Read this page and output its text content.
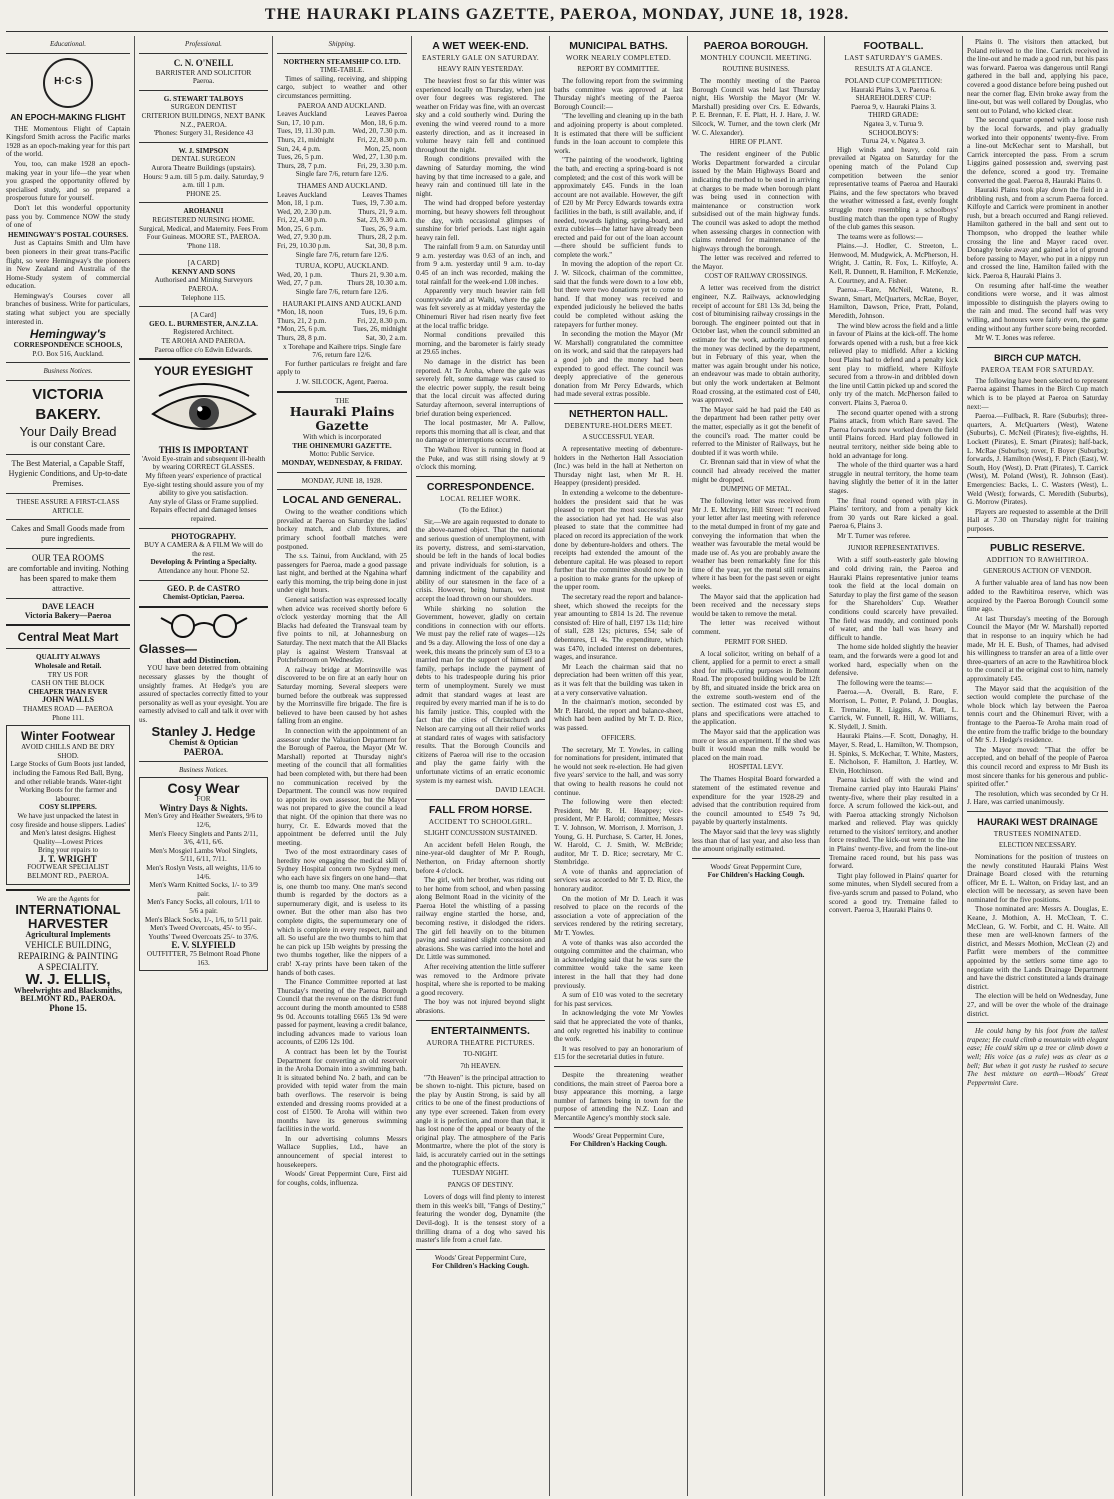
THE HAURAKI PLAINS GAZETTE, PAEROA, MONDAY, JUNE 18, 1928.
Educational.
H·C·S
AN EPOCH-MAKING FLIGHT

THE Momentous Flight of Captain Kingsford Smith across the Pacific marks 1928 as an epoch-making year for this part of the world.

You, too, can make 1928 an epoch-making year in your life—the year when you grasped the opportunity offered by specialised study, and so prepared a prosperous future for yourself.

Don't let this wonderful opportunity pass you by. Commence NOW the study of one of

HEMINGWAY'S POSTAL COURSES.

Just as Captains Smith and Ulm have been pioneers in their great trans-Pacific flight, so were Hemingway's the pioneers in New Zealand and Australia of the Home-Study system of commercial education.

Hemingway's Courses cover all branches of business. Write for particulars, stating what subject you are specially interested in.

Hemingway's
CORRESPONDENCE SCHOOLS,
P.O. Box 516, Auckland.
Business Notices.
VICTORIA BAKERY.
Your Daily Bread
is our constant Care.
The Best Material, a Capable Staff, Hygienic Conditions, and Up-to-date Premises.
THESE ASSURE A FIRST-CLASS ARTICLE.
Cakes and Small Goods made from pure ingredients.
OUR TEA ROOMS
are comfortable and inviting. Nothing has been spared to make them attractive.
DAVE LEACH
Victoria Bakery—Paeroa
Central Meat Mart
QUALITY ALWAYS
Wholesale and Retail.
TRY US FOR
CASH ON THE BLOCK
CHEAPER THAN EVER
JOHN WALLS
THAMES ROAD — PAEROA
Phone 111.
Winter Footwear
AVOID CHILLS AND BE DRY SHOD.
Large Stocks of Gum Boots just landed, including the Famous Red Ball, Byng, and other reliable brands. Water-tight Working Boots for the farmer and labourer.
COSY SLIPPERS.
We have just unpacked the latest in cosy fireside and house slippers. Ladies' and Men's latest designs. Highest Quality—Lowest Prices
Bring your repairs to
J. T. WRIGHT
FOOTWEAR SPECIALIST BELMONT RD., PAEROA.
We are the Agents for
INTERNATIONAL
HARVESTER
Agricultural Implements
VEHICLE BUILDING, REPAIRING & PAINTING
A SPECIALITY.
W. J. ELLIS,
Wheelwrights and Blacksmiths,
BELMONT RD., PAEROA.
Phone 15.
Professional.
C. N. O'NEILL
BARRISTER AND SOLICITOR
Paeroa.
G. STEWART TALBOYS
SURGEON DENTIST
CRITERION BUILDINGS, NEXT BANK N.Z., PAEROA.
'Phones: Surgery 31, Residence 43
W. J. SIMPSON
DENTAL SURGEON
Aurora Theatre Buildings (upstairs).
Hours: 9 a.m. till 5 p.m. daily. Saturday, 9 a.m. till 1 p.m.
PHONE 25.
AROHANUI
REGISTERED NURSING HOME.
Surgical, Medical, and Maternity. Fees From Four Guineas. MOORE ST., PAEROA. 'Phone 118.
[A CARD]
KENNY AND SONS
Authorised and Mining Surveyors PAEROA.
Telephone 115.
[A Card]
GEO. L. BURMESTER, A.N.Z.I.A.
Registered Architect.
TE AROHA AND PAEROA.
Paeroa office c/o Edwin Edwards.
YOUR EYESIGHT
THIS IS IMPORTANT
'Avoid Eye-strain and subsequent ill-health by wearing CORRECT GLASSES.
My fifteen years' experience of practical Eye-sight testing should assure you of my ability to give you satisfaction.
Any style of Glass or Frame supplied.
Repairs effected and damaged lenses repaired.
PHOTOGRAPHY.
BUY A CAMERA & A FILM We will do the rest.
Developing & Printing a Specialty.
Attendance any hour. Phone 52.
GEO. P. de CASTRO
Chemist-Optician, Paeroa.
Glasses—
that add Distinction.

YOU have been deterred from obtaining necessary glasses by the thought of unsightly frames. At Hedge's you are assured of spectacles correctly fitted to your personality as well as your eyesight. You are earnestly advised to call and talk it over with us.

Stanley J. Hedge
Chemist & Optician
PAEROA.
Business Notices.
Cosy Wear
FOR
Wintry Days & Nights.
Men's Grey and Heather Sweaters, 9/6 to 12/6,
Men's Fleecy Singlets and Pants 2/11, 3/6, 4/11, 6/6.
Men's Mosgiel Lambs Wool Singlets, 5/11, 6/11, 7/11.
Men's Roslyn Vests, all weights, 11/6 to 14/6.
Men's Warm Knitted Socks, 1/- to 3/9 pair.
Men's Fancy Socks, all colours, 1/11 to 5/6 a pair.
Men's Black Socks, 1/-, 1/6, to 5/11 pair.
Men's Tweed Overcoats, 45/- to 95/-.
Youths' Tweed Overcoats 25/- to 37/6.
E. V. SLYFIELD
OUTFITTER, 75 Belmont Road Phone 163.
Shipping.
NORTHERN STEAMSHIP CO. LTD.
TIME-TABLE.

Times of sailing, receiving, and shipping cargo, subject to weather and other circumstances permitting.

PAEROA AND AUCKLAND.
Leaves Auckland	Leaves Paeroa
Sun, 17, 10 p.m.	Mon, 18, 6 p.m.
Tues, 19, 11.30 p.m. Wed, 20, 7.30 p.m.
Thurs, 21, midnight	Fri, 22, 8.30 p.m.
Sun, 24, 4 p.m.	Mon, 25, noon
Tues, 26, 5 p.m.	Wed, 27, 1.30 p.m.
Thurs, 28, 7 p.m.	Fri, 29, 3.30 p.m.
Single fare 7/6, return fare 12/6.
THAMES AND AUCKLAND.
Leaves Auckland	Leaves Thames
Mon, 18, 1 p.m.	Tues, 19, 7.30 a.m.
Wed, 20, 2.30 p.m.	Thurs, 21, 9 a.m.
Fri, 22, 4.30 p.m.	Sat, 23, 9.30 a.m.
Mon, 25, 6 p.m.	Tues, 26, 9 a.m.
Wed, 27, 9.30 p.m.	Thurs, 28, 2 p.m.
Fri, 29, 10.30 p.m.	Sat, 30, 8 p.m.
Single fare 7/6, return fare 12/6.
TURUA, KOPU, AUCKLAND.
Wed, 20, 1 p.m.	Thurs 21, 9.30 a.m.
Wed, 27, 7 p.m.	Thurs 28, 10.30 a.m.
Single fare 7/6, return fare 12/6.
HAURAKI PLAINS AND AUCKLAND
*Mon, 18, noon	Tues, 19, 6 p.m.
Thurs, 21, 2 p.m.	Fri, 22, 8.30 p.m.
*Mon, 25, 6 p.m.	Tues, 26, midnight
Thurs, 28, 8 p.m.	Sat, 30, 2 a.m.
x Torehape and Kaihere trips. Single fare 7/6, return fare 12/6.

For further particulars re freight and fare apply to

J. W. SILCOCK, Agent, Paeroa.
THE
Hauraki Plains Gazette
With which is incorporated
THE OHINEMURI GAZETTE.
Motto: Public Service.
MONDAY, WEDNESDAY, & FRIDAY.
MONDAY, JUNE 18, 1928.
LOCAL AND GENERAL.

Owing to the weather conditions which prevailed at Paeroa on Saturday the ladies' hockey match, and club fixtures, and primary school football matches were postponed.

The s.s. Tainui, from Auckland, with 25 passengers for Paeroa, made a good passage last night, and berthed at the Ngahina wharf early this morning, the trip being done in just under eight hours.

General satisfaction was expressed locally when advice was received shortly before 6 o'clock yesterday morning that the All Blacks had defeated the Transvaal team by five points to nil, at Johannesburg on Saturday. The next match that the All Blacks play is against Western Transvaal at Potchefstroom on Wednesday.

A railway bridge at Morrinsville was discovered to be on fire at an early hour on Saturday morning. Several sleepers were burned before the outbreak was suppressed by the Morrinsville fire brigade. The fire is believed to have been caused by hot ashes falling from an engine.

In connection with the appointment of an assessor under the Valuation Department for the Borough of Paeroa, the Mayor (Mr W. Marshall) reported at Thursday night's meeting of the council that all formalities had been completed with, but there had been no communication received by the Department. The council was now required to appoint its own assessor, but the Mayor was not prepared to give the council a lead that night. Of the opinion that there was no hurry, Cr. E. Edwards moved that the appointment be deferred until the July meeting.

Two of the most extraordinary cases of heredity now engaging the medical skill of Sydney Hospital concern two Sydney men, who each have six fingers on one hand—that is, one thumb too many. One man's second thumb is regarded by the doctors as a supernumerary digit, and is useless to its owner. But the other man also has two complete digits, the supernumerary one of which is complete in every respect, nail and all. So useful are the two thumbs to him that he can pick up 15lb weights by pressing the two thumbs together, like the nippers of a crab! X-ray prints have been taken of the hands of both cases.

The Finance Committee reported at last Thursday's meeting of the Paeroa Borough Council that the revenue on the district fund account during the month amounted to £588 9s 0d. Accounts totalling £665 13s 9d were passed for payment, leaving a credit balance, including advances made to various loan accounts, of £206 12s 10d.

A contract has been let by the Tourist Department for converting an old reservoir in the Aroha Domain into a swimming bath. It is situated behind No. 2 bath, and can be provided with tepid water from the main bath overflows. The reservoir is being extended and dressing rooms provided at a cost of £1500. Te Aroha will within two months have its generous swimming facilities in the world.

In our advertising columns Messrs Wallace Supplies, Ltd., have an announcement of special interest to housekeepers.

Woods' Great Peppermint Cure, First aid for coughs, colds, influenza.

A WET WEEK-END.
EASTERLY GALE ON SATURDAY.
HEAVY RAIN YESTERDAY.

The heaviest frost so far this winter was experienced locally on Thursday, when just over four degrees was registered. The weather on Friday was fine, with an overcast sky and a cold southerly wind. During the evening the wind veered round to a more easterly direction, and as it increased in volume heavy rain fell and continued throughout the night.

Rough conditions prevailed with the dawning of Saturday morning, the wind having by that time increased to a gale, and heavy rain and continued till late in the night.

The wind had dropped before yesterday morning, but heavy showers fell throughout the day, with occasional glimpses of sunshine for brief periods. Last night again heavy rain fell.

The rainfall from 9 a.m. on Saturday until 9 a.m. yesterday was 0.63 of an inch, and from 9 a.m. yesterday until 9 a.m. to-day 0.45 of an inch was recorded, making the total rainfall for the week-end 1.08 inches.

Apparently very much heavier rain fell countrywide and at Waihi, where the gale was felt severely as at midday yesterday the Ohinemuri River had risen nearly five feet at the local traffic bridge.

Normal conditions prevailed this morning, and the barometer is fairly steady at 29.65 inches.

No damage in the district has been reported. At Te Aroha, where the gale was severely felt, some damage was caused to the electric power supply, the result being that the local circuit was affected during Saturday afternoon, several interruptions of brief duration being experienced.

The local postmaster, Mr A. Pallow, reports this morning that all is clear, and that no damage or interruptions occurred.

The Waihou River is running in flood at the Puke, and was still rising slowly at 9 o'clock this morning.

CORRESPONDENCE.
LOCAL RELIEF WORK.
(To the Editor.)

Sir,—We are again requested to donate to the above-named object. That the national and serious question of unemployment, with its poverty, distress, and semi-starvation, should be left in the hands of local bodies and private individuals for solution, is a damning indictment of the capability and ability of our statesmen in the face of a crisis. However, being human, we must accept the load thrown on our shoulders.

While shirking no solution the Government, however, gladly on certain conditions in connection with our efforts. We must pay the relief rate of wages—12s and 9s a day. Allowing the loss of one day a week, this means the princely sum of £3 to a married man for the support of himself and family, perhaps include the payment of debts to his tradespeople during his prior term of unemployment. Surely we must admit that standard wages at least are required by every married man if he is to do his family justice. This, coupled with the fact that the cities of Christchurch and Nelson are carrying out all their relief works at standard rates of wages with satisfactory results. That the Borough Councils and citizens of Paeroa will rise to the occasion and play the game fairly with the unfortunate victims of an erratic economic system is my earnest wish.

DAVID LEACH.
FALL FROM HORSE.
ACCIDENT TO SCHOOLGIRL.
SLIGHT CONCUSSION SUSTAINED.

An accident befell Helen Rough, the nine-year-old daughter of Mr P. Rough, Netherton, on Friday afternoon shortly before 4 o'clock.

The girl, with her brother, was riding out to her home from school, and when passing along Belmont Road in the vicinity of the Paeroa Hotel the whistling of a passing railway engine startled the horse, and, becoming restive, it dislodged the riders. The girl fell heavily on to the bitumen paving and sustained slight concussion and abrasions. She was carried into the hotel and Dr. Little was summoned.

After receiving attention the little sufferer was removed to the Ardmore private hospital, where she is reported to be making a good recovery.

The boy was not injured beyond slight abrasions.

ENTERTAINMENTS.
AURORA THEATRE PICTURES.
TO-NIGHT.
7th HEAVEN.

"7th Heaven" is the principal attraction to be shown to-night. This picture, based on the play by Austin Strong, is said by all critics to be one of the finest productions of any type ever screened. Taken from every angle it is perfection, and more than that, it has lost none of the appeal or beauty of the original play. The atmosphere of the Paris Montmartre, where the plot of the story is laid, is accurately carried out in the settings and the photographic effects.

TUESDAY NIGHT.
PANGS OF DESTINY.

Lovers of dogs will find plenty to interest them in this week's bill, "Fangs of Destiny," featuring the wonder dog, Dynamite (the Devil-dog). It is the tensest story of a thrilling drama of a dog who saved his master's life from a cruel fate.

Woods' Great Peppermint Cure,
For Children's Hacking Cough.
MUNICIPAL BATHS.
WORK NEARLY COMPLETED.
REPORT BY COMMITTEE.

The following report from the swimming baths committee was approved at last Thursday night's meeting of the Paeroa Borough Council:—

"The levelling and cleaning up in the bath and adjoining property is about completed. It is estimated that there will be sufficient funds in the loan account to complete this work.

"The painting of the woodwork, lighting the bath, and erecting a spring-board is not completed; and the cost of this work will be approximately £45. Funds in the loan account are not available. However, the gift of £20 by Mr Percy Edwards towards extra facilities in the bath, is still available, and, if needed, towards lighting, spring-board, and extra cubicles—the latter have already been erected and paid for out of the loan account—there should be sufficient funds to complete the work."

In moving the adoption of the report Cr. J. W. Silcock, chairman of the committee, said that the funds were down to a low ebb, but there were two donations yet to come to hand. If that money was received and expended judiciously he believed the baths could be completed without asking the ratepayers for further money.

In seconding the motion the Mayor (Mr W. Marshall) congratulated the committee on its work, and said that the ratepayers had a good job and the money had been expended to good effect. The council was deeply appreciative of the generous donation from Mr Percy Edwards, which had made several extras possible.

NETHERTON HALL.
DEBENTURE-HOLDERS MEET.
A SUCCESSFUL YEAR.

A representative meeting of debenture-holders in the Netherton Hall Association (Inc.) was held in the hall at Netherton on Thursday night last, when Mr R. H. Heappey (president) presided.

In extending a welcome to the debenture-holders the president said that he was pleased to report the most successful year the association had yet had. He was also pleased to state that the committee had placed on record its appreciation of the work done by debenture-holders and others. The receipts had extended the amount of the debenture capital. He was pleased to report further that the committee should now be in a position to make grants for the upkeep of the upper room.

The secretary read the report and balance-sheet, which showed the receipts for the year amounting to £814 1s 2d. The revenue consisted of: Hire of hall, £197 13s 11d; hire of stall, £28 12s; pictures, £54; sale of debentures, £1 4s. The expenditure, which was £470, included interest on debentures, wages, and insurance.

Mr Leach the chairman said that no depreciation had been written off this year, as it was felt that the building was taken in at a very conservative valuation.

In the chairman's motion, seconded by Mr P. Harold, the report and balance-sheet, which had been audited by Mr T. D. Rice, was passed.

OFFICERS.

The secretary, Mr T. Yowles, in calling for nominations for president, intimated that he would not seek re-election. He had given five years' service to the hall, and was sorry that owing to health reasons he could not continue.

The following were then elected: President, Mr R. H. Heappey; vice-president, Mr P. Harold; committee, Messrs T. V. Johnson, W. Morrison, J. Morrison, J. Young, G. H. Purchase, S. Carter, H. Jones, W. Harold, C. J. Smith, W. McBride; auditor, Mr T. D. Rice; secretary, Mr C. Stembridge.

A vote of thanks and appreciation of services was accorded to Mr T. D. Rice, the honorary auditor.

On the motion of Mr D. Leach it was resolved to place on the records of the association a vote of appreciation of the services rendered by the retiring secretary, Mr T. Yowles.

A vote of thanks was also accorded the outgoing committee and the chairman, who in acknowledging said that he was sure the committee would take the same keen interest in the hall that they had done previously.

A sum of £10 was voted to the secretary for his past services.

In acknowledging the vote Mr Yowles said that he appreciated the vote of thanks, and only regretted his inability to continue the work.

It was resolved to pay an honorarium of £15 for the secretarial duties in future.

Despite the threatening weather conditions, the main street of Paeroa bore a busy appearance this morning, a large number of farmers being in town for the purpose of attending the N.Z. Loan and Mercantile Agency's monthly stock sale.

Woods' Great Peppermint Cure,
For Children's Hacking Cough.
PAEROA BOROUGH.
MONTHLY COUNCIL MEETING.
ROUTINE BUSINESS.

The monthly meeting of the Paeroa Borough Council was held last Thursday night, His Worship the Mayor (Mr W. Marshall) presiding over Crs. E. Edwards, P. E. Brennan, F. E. Platt, H. J. Hare, J. W. Silcock, W. Turner, and the town clerk (Mr W. C. Alexander).

HIRE OF PLANT.

The resident engineer of the Public Works Department forwarded a circular issued by the Main Highways Board and indicating the method to be used in arriving at charges to be made when borough plant was being used in connection with maintenance or construction work subsidised out of the main highway funds. The council was asked to adopt the method when assessing charges in connection with claims rendered for maintenance of the highways through the borough.

The letter was received and referred to the Mayor.

COST OF RAILWAY CROSSINGS.

A letter was received from the district engineer, N.Z. Railways, acknowledging receipt of account for £81 13s 3d, being the cost of bituminising railway crossings in the borough. The engineer pointed out that in October last, when the council submitted an estimate for the work, authority to expend the money was declined by the department, but in February of this year, when the matter was again brought under his notice, an endeavour was made to obtain authority, but only the work undertaken at Belmont Road crossing, at the estimated cost of £40, was approved.

The Mayor said he had paid the £40 as the department had been rather petty over the matter, especially as it got the benefit of the council's road. The matter could be referred to the Minister of Railways, but he doubted if it was worth while.

Cr. Brennan said that in view of what the council had already received the matter might be dropped.

DUMPING OF METAL.

The following letter was received from Mr J. E. McIntyre, Hill Street: "I received your letter after last meeting with reference to the metal dumped in front of my gate and conveying the information that when the weather was favourable the metal would be made use of. As you are probably aware the weather has been remarkably fine for this time of the year, yet the metal still remains where it has been for the past seven or eight weeks.

The Mayor said that the application had been received and the necessary steps would be taken to remove the metal.

The letter was received without comment.

PERMIT FOR SHED.

A local solicitor, writing on behalf of a client, applied for a permit to erect a small shed for milk-curing purposes in Belmont Road. The proposed building would be 12ft by 8ft, and situated inside the brick area on the extreme south-western end of the section. The estimated cost was £5, and plans and specifications were attached to the application.

The Mayor said that the application was more or less an experiment. If the shed was built it would mean the milk would be placed on the main road.

HOSPITAL LEVY.

The Thames Hospital Board forwarded a statement of the estimated revenue and expenditure for the year 1928-29 and advised that the contribution required from the council amounted to £549 7s 9d, payable by quarterly instalments.

The Mayor said that the levy was slightly less than that of last year, and also less than the amount originally estimated.

Woods' Great Peppermint Cure,
For Children's Hacking Cough.
FOOTBALL.
LAST SATURDAY'S GAMES.
RESULTS AT A GLANCE.
POLAND CUP COMPETITION:
Hauraki Plains 3, v. Paeroa 6.
SHAREHOLDERS' CUP:
Paeroa 9, v. Hauraki Plains 3.
THIRD GRADE:
Ngatea 3, v. Turua 9.
SCHOOLBOYS:
Turua 24, v. Ngatea 3.

High winds and heavy, cold rain prevailed at Ngatea on Saturday for the opening match of the Poland Cup competition between the senior representative teams of Paeroa and Hauraki Plains, and the few spectators who braved the weather witnessed a fast, evenly fought struggle more resembling a schoolboys' bustling match than the open type of Rugby of the club games this season.

The teams were as follows:—

Plains.—J. Hodler, C. Streeton, L. Henwood, M. Mudgwick, A. McPherson, H. Wright, J. Cattin, R. Fox, L. Kilfoyle, A. Kell, R. Dunnett, R. Hamilton, F. McKenzie, A. Courtney, and A. Fisher.

Paeroa.—Rare, McNeil, Watene, R. Swann, Smart, McQuarters, McRae, Boyer, Hamilton, Dawson, Price, Pratt, Poland, Meredith, Johnson.

The wind blew across the field and a little in favour of Plains at the kick-off. The home forwards opened with a rush, but a free kick relieved play to midfield. After a kicking bout Plains had to defend and a penalty kick sent play to midfield, where Kilfoyle secured from a throw-in and dribbled down the line until Cattin picked up and scored the only try of the match. McPherson failed to convert. Plains 3, Paeroa 0.

The second quarter opened with a strong Plains attack, from which Rare saved. The Paeroa forwards now worked down the field until Plains forced. Hard play followed in neutral territory, neither side being able to hold an advantage for long.

The whole of the third quarter was a hard struggle in neutral territory, the home team having slightly the better of it in the latter stages.

The final round opened with play in Plains' territory, and from a penalty kick from 30 yards out Rare kicked a goal. Paeroa 6, Plains 3.

Mr T. Turner was referee.

JUNIOR REPRESENTATIVES.

With a stiff south-easterly gale blowing and cold driving rain, the Paeroa and Hauraki Plains representative junior teams took the field at the local domain on Saturday to play the first game of the season for the Shareholders' Cup. Weather conditions could scarcely have prevailed. The field was muddy, and continued pools of water, and the ball was heavy and difficult to handle.

The home side holded slightly the heavier team, and the forwards were a good lot and worked hard, especially when on the defensive.

The following were the teams:—

Paeroa.—A. Overall, B. Rare, F. Morrison, L. Potter, P. Poland, J. Douglas, E. Tremaine, R. Liggins, A. Platt, L. Carrick, W. Funnell, R. Hill, W. Williams, K. Slydell, J. Smith.

Hauraki Plains.—F. Scott, Donaghy, H. Mayer, S. Read, L. Hamilton, W. Thompson, H. Spinks, S. McKechar, T. White, Masters, E. Nicholson, F. Hamilton, J. Hartley, W. Elvin, Hotchinson.

Paeroa kicked off with the wind and Tremaine carried play into Hauraki Plains' twenty-five, where their play resulted in a force. A scrum followed the kick-out, and with Paeroa attacking strongly Nicholson marked and relieved. Play was quickly returned to the visitors' territory, and another force resulted. The kick-out went to the line in Plains' twenty-five, and from the line-out Tremaine raced round, but his pass was forward.

Tight play followed in Plains' quarter for some minutes, when Slydell secured from a five-yards scrum and passed to Poland, who scored a good try. Tremaine failed to convert. Paeroa 3, Hauraki Plains 0.

Plains 0. The visitors then attacked, but Poland relieved to the line. Carrick received in the line-out and he made a good run, but his pass was forward. Paeroa was dangerous until Rangi gathered in the ball and, applying his pace, covered a good distance before being pushed out near the corner flag. Elvin broke away from the line-out, but was well collared by Douglas, who sent out to Poland, who kicked clear.

The second quarter opened with a loose rush by the local forwards, and play gradually worked into their opponents' twenty-five. From a line-out McKechar sent to Marshall, but Carrick intercepted the pass. From a scrum Liggins gained possession and, swerving past the defence, scored a good try. Tremaine converted the goal. Paeroa 8, Hauraki Plains 0.

Hauraki Plains took play down the field in a dribbling rush, and from a scrum Paeroa forced. Kilfoyle and Carrick were prominent in another rush, but a breach occurred and Rangi relieved. Hamilton gathered in the ball and sent out to Thompson, who dropped the leather while crossing the line and Mayer raced over. Donaghy broke away and gained a lot of ground before passing to Mayer, who put in a nippy run and crossed the line, Hamilton failed with the kick. Paeroa 8, Hauraki Plains 3.

On resuming after half-time the weather conditions were worse, and it was almost impossible to distinguish the players owing to the rain and mud. The second half was very willing, and honours were fairly even, the game ending without any further score being recorded.

Mr W. T. Jones was referee.

BIRCH CUP MATCH.
PAEROA TEAM FOR SATURDAY.

The following have been selected to represent Paeroa against Thames in the Birch Cup match which is to be played at Paeroa on Saturday next:—

Paeroa.—Fullback, R. Rare (Suburbs); three-quarters, A. McQuarters (West), Watene (Suburbs), C. McNeil (Pirates); five-eighths, H. Lockett (Pirates), E. Smart (Pirates); half-back, L. McRae (Suburbs); rover, F. Boyer (Suburbs); forwards, J. Hamilton (West), F. Pitch (East), W. South, Hoy (West), D. Pratt (Pirates), T. Carrick (West), M. Poland (West), R. Johnson (East). Emergencies: Backs, L. C. Wasters (West), L. Weld (West); forwards, C. Meredith (Suburbs), G. Morrow (Pirates).

Players are requested to assemble at the Drill Hall at 7.30 on Thursday night for training purposes.

PUBLIC RESERVE.
ADDITION TO RAWHITIROA.
GENEROUS ACTION OF VENDOR.

A further valuable area of land has now been added to the Rawhitiroa reserve, which was acquired by the Paeroa Borough Council some time ago.

At last Thursday's meeting of the Borough Council the Mayor (Mr W. Marshall) reported that in response to an inquiry which he had made, Mr H. E. Bush, of Thames, had advised his willingness to transfer an area of a little over three-quarters of an acre to the Rawhitiroa block to the council at the original cost to him, namely approximately £45.

The Mayor said that the acquisition of the section would complete the purchase of the whole block which lay between the Paeroa tennis court and the Ohinemuri River, with a frontage to the Paeroa-Te Aroha main road of the entire from the traffic bridge to the boundary of Mr S. J. Hedge's residence.

The Mayor moved: "That the offer be accepted, and on behalf of the people of Paeroa this council record and express to Mr Bush its most sincere thanks for his generous and public-spirited offer."

The resolution, which was seconded by Cr H. J. Hare, was carried unanimously.

HAURAKI WEST DRAINAGE
TRUSTEES NOMINATED.
ELECTION NECESSARY.

Nominations for the position of trustees on the newly constituted Hauraki Plains West Drainage Board closed with the returning officer, Mr E. L. Walton, on Friday last, and an election will be necessary, as seven have been nominated for the five positions.

Those nominated are: Messrs A. Douglas, E. Keane, J. Mothion, A. H. McClean, T. C. McClean, G. W. Forbit, and C. H. Waite. All these men are well-known farmers of the district, and Messrs Mothion, McClean (2) and Parfitt were members of the committee appointed by the settlers some time ago to negotiate with the Lands Drainage Department and have the district constituted a lands drainage district.

The election will be held on Wednesday, June 27, and will be over the whole of the drainage district.

He could hang by his foot from the tallest trapeze; He could climb a mountain with elegant ease; He could skim up a tree or climb down a well; His voice (as a rule) was as clear as a bell; But when it got rusty he rushed to secure The best mixture on earth—Woods' Great Peppermint Cure.
